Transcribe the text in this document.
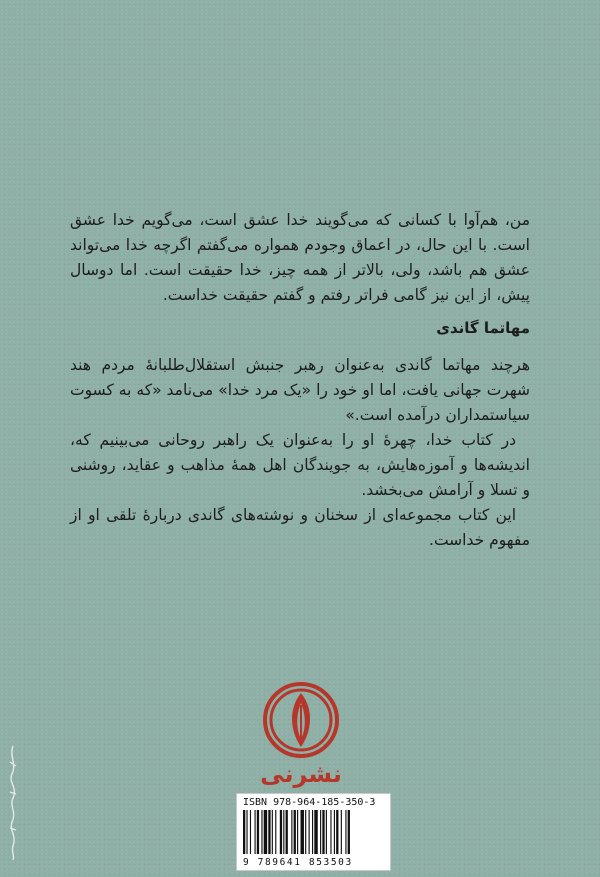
من، هم‌آوا با کسانی که می‌گویند خدا عشق است، می‌گویم خدا عشق است. با این حال، در اعماق وجودم همواره می‌گفتم اگرچه خدا می‌تواند عشق هم باشد، ولی، بالاتر از همه چیز، خدا حقیقت است. اما دوسال پیش، از این نیز گامی فراتر رفتم و گفتم حقیقت خداست.

مهاتما گاندی

هرچند مهاتما گاندی به‌عنوان رهبر جنبش استقلال‌طلبانهٔ مردم هند شهرت جهانی یافت، اما او خود را «یک مرد خدا» می‌نامد «که به کسوت سیاستمداران درآمده است.»

در کتاب خدا، چهرهٔ او را به‌عنوان یک راهبر روحانی می‌بینیم که، اندیشه‌ها و آموزه‌هایش، به جویندگان اهل همهٔ مذاهب و عقاید، روشنی و تسلا و آرامش می‌بخشد.

این کتاب مجموعه‌ای از سخنان و نوشته‌های گاندی دربارهٔ تلقی او از مفهوم خداست.

نشرنی
ISBN 978-964-185-350-3
9 789641 853503
